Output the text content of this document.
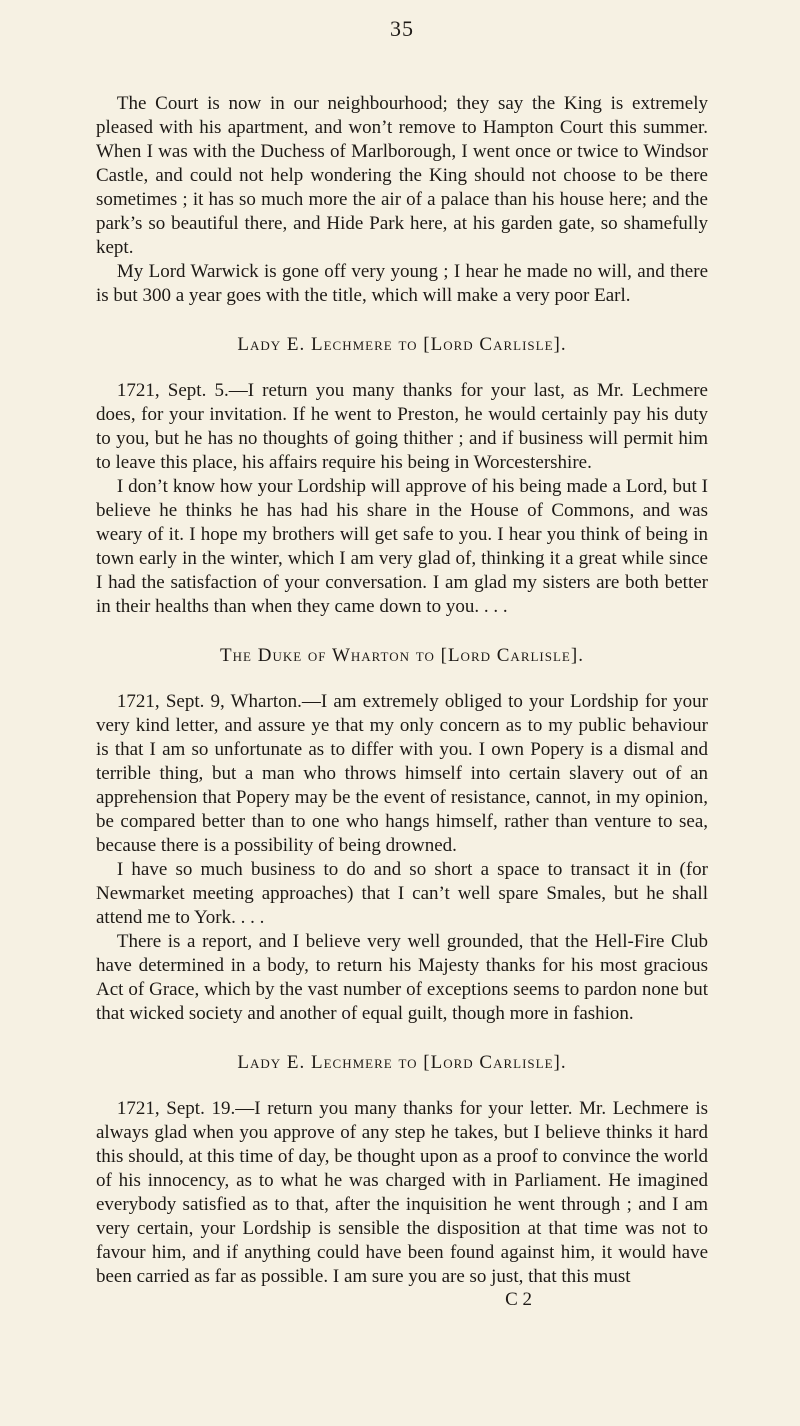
35

The Court is now in our neighbourhood; they say the King is extremely pleased with his apartment, and won’t remove to Hampton Court this summer. When I was with the Duchess of Marlborough, I went once or twice to Windsor Castle, and could not help wondering the King should not choose to be there sometimes ; it has so much more the air of a palace than his house here; and the park’s so beautiful there, and Hide Park here, at his garden gate, so shamefully kept.

My Lord Warwick is gone off very young ; I hear he made no will, and there is but 300 a year goes with the title, which will make a very poor Earl.

Lady E. Lechmere to [Lord Carlisle].

1721, Sept. 5.—I return you many thanks for your last, as Mr. Lechmere does, for your invitation. If he went to Preston, he would certainly pay his duty to you, but he has no thoughts of going thither ; and if business will permit him to leave this place, his affairs require his being in Worcestershire.

I don’t know how your Lordship will approve of his being made a Lord, but I believe he thinks he has had his share in the House of Commons, and was weary of it. I hope my brothers will get safe to you. I hear you think of being in town early in the winter, which I am very glad of, thinking it a great while since I had the satisfaction of your conversation. I am glad my sisters are both better in their healths than when they came down to you. . . .

The Duke of Wharton to [Lord Carlisle].

1721, Sept. 9, Wharton.—I am extremely obliged to your Lordship for your very kind letter, and assure ye that my only concern as to my public behaviour is that I am so unfortunate as to differ with you. I own Popery is a dismal and terrible thing, but a man who throws himself into certain slavery out of an apprehension that Popery may be the event of resistance, cannot, in my opinion, be compared better than to one who hangs himself, rather than venture to sea, because there is a possibility of being drowned.

I have so much business to do and so short a space to transact it in (for Newmarket meeting approaches) that I can’t well spare Smales, but he shall attend me to York. . . .

There is a report, and I believe very well grounded, that the Hell-Fire Club have determined in a body, to return his Majesty thanks for his most gracious Act of Grace, which by the vast number of exceptions seems to pardon none but that wicked society and another of equal guilt, though more in fashion.

Lady E. Lechmere to [Lord Carlisle].

1721, Sept. 19.—I return you many thanks for your letter. Mr. Lechmere is always glad when you approve of any step he takes, but I believe thinks it hard this should, at this time of day, be thought upon as a proof to convince the world of his innocency, as to what he was charged with in Parliament. He imagined everybody satisfied as to that, after the inquisition he went through ; and I am very certain, your Lordship is sensible the disposition at that time was not to favour him, and if anything could have been found against him, it would have been carried as far as possible. I am sure you are so just, that this must

C 2
